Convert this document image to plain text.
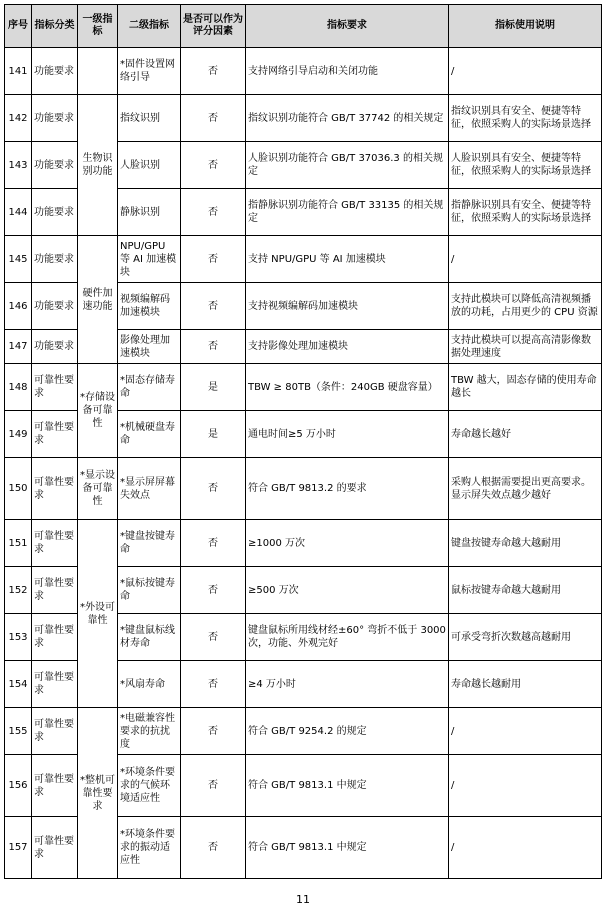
序号	指标分类	一级指标	二级指标	是否可以作为评分因素	指标要求	指标使用说明
141	功能要求		*固件设置网络引导	否	支持网络引导启动和关闭功能	/
142	功能要求	生物识别功能	指纹识别	否	指纹识别功能符合 GB/T 37742 的相关规定	指纹识别具有安全、便捷等特征，依照采购人的实际场景选择
143	功能要求		人脸识别	否	人脸识别功能符合 GB/T 37036.3 的相关规定	人脸识别具有安全、便捷等特征，依照采购人的实际场景选择
144	功能要求		静脉识别	否	指静脉识别功能符合 GB/T 33135 的相关规定	指静脉识别具有安全、便捷等特征，依照采购人的实际场景选择
145	功能要求	硬件加速功能	NPU/GPU 等 AI 加速模块	否	支持 NPU/GPU 等 AI 加速模块	/
146	功能要求		视频编解码加速模块	否	支持视频编解码加速模块	支持此模块可以降低高清视频播放的功耗，占用更少的 CPU 资源
147	功能要求		影像处理加速模块	否	支持影像处理加速模块	支持此模块可以提高高清影像数据处理速度
148	可靠性要求	*存储设备可靠性	*固态存储寿命	是	TBW ≥ 80TB（条件：240GB 硬盘容量）	TBW 越大，固态存储的使用寿命越长
149	可靠性要求		*机械硬盘寿命	是	通电时间≥5 万小时	寿命越长越好
150	可靠性要求	*显示设备可靠性	*显示屏屏幕失效点	否	符合 GB/T 9813.2 的要求	采购人根据需要提出更高要求。显示屏失效点越少越好
151	可靠性要求	*外设可靠性	*键盘按键寿命	否	≥1000 万次	键盘按键寿命越大越耐用
152	可靠性要求		*鼠标按键寿命	否	≥500 万次	鼠标按键寿命越大越耐用
153	可靠性要求		*键盘鼠标线材寿命	否	键盘鼠标所用线材经±60° 弯折不低于 3000 次，功能、外观完好	可承受弯折次数越高越耐用
154	可靠性要求		*风扇寿命	否	≥4 万小时	寿命越长越耐用
155	可靠性要求	*整机可靠性要求	*电磁兼容性要求的抗扰度	否	符合 GB/T 9254.2 的规定	/
156	可靠性要求		*环境条件要求的气候环境适应性	否	符合 GB/T 9813.1 中规定	/
157	可靠性要求		*环境条件要求的振动适应性	否	符合 GB/T 9813.1 中规定	/
11
